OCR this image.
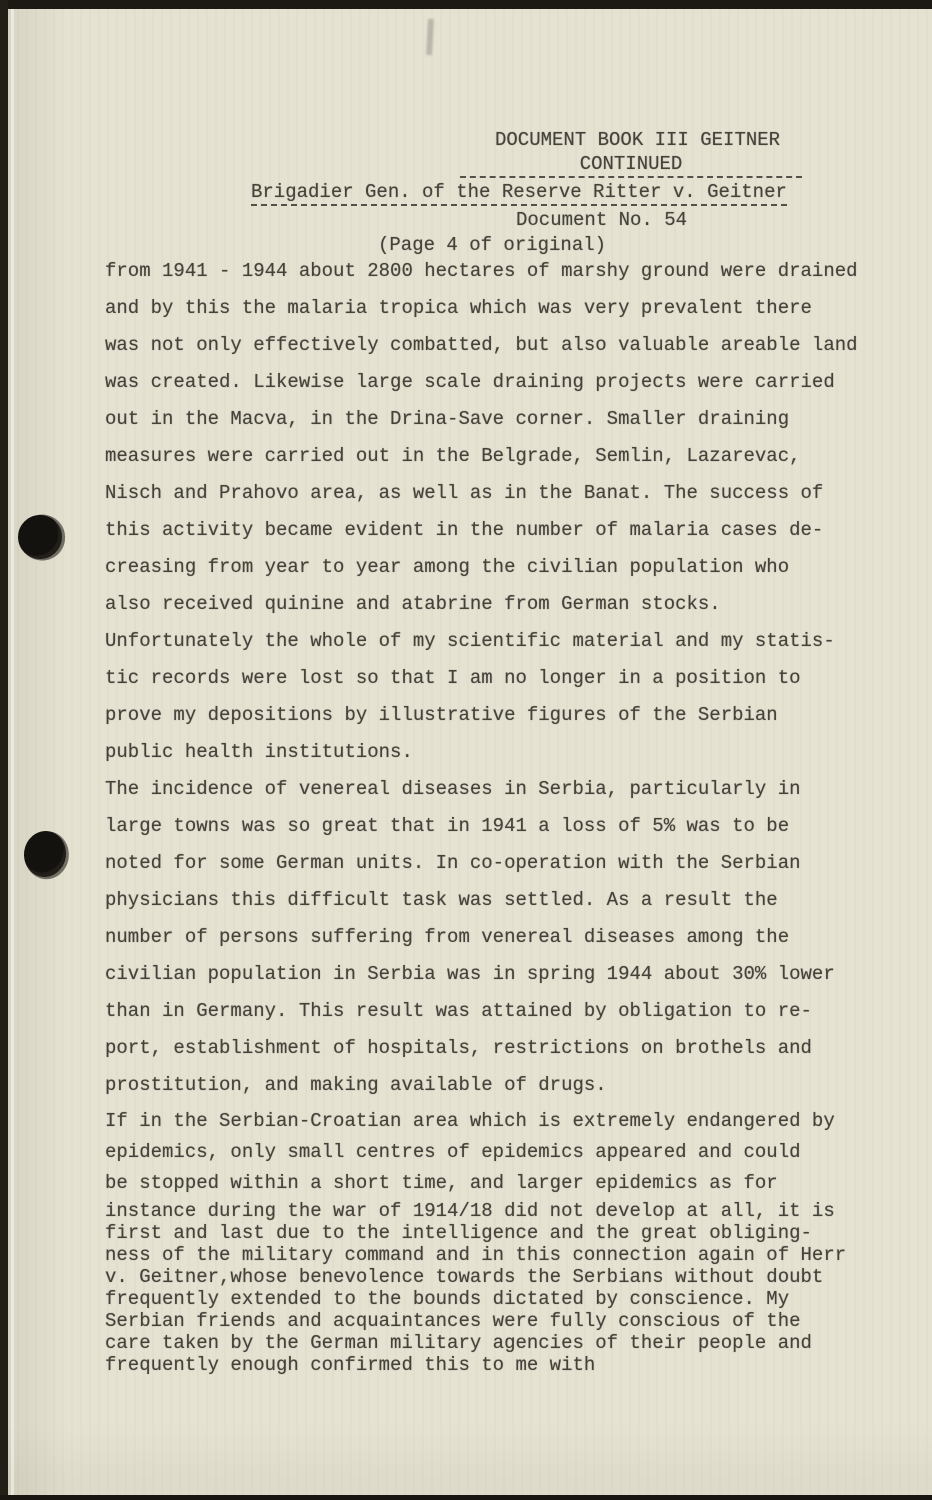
DOCUMENT BOOK III GEITNER
CONTINUED
Brigadier Gen. of the Reserve Ritter v. Geitner
Document No. 54
(Page 4 of original)
from 1941 - 1944 about 2800 hectares of marshy ground were drained
and by this the malaria tropica which was very prevalent there
was not only effectively combatted, but also valuable areable land
was created. Likewise large scale draining projects were carried
out in the Macva, in the Drina-Save corner. Smaller draining
measures were carried out in the Belgrade, Semlin, Lazarevac,
Nisch and Prahovo area, as well as in the Banat. The success of
this activity became evident in the number of malaria cases de-
creasing from year to year among the civilian population who
also received quinine and atabrine from German stocks.
Unfortunately the whole of my scientific material and my statis-
tic records were lost so that I am no longer in a position to
prove my depositions by illustrative figures of the Serbian
public health institutions.
The incidence of venereal diseases in Serbia, particularly in
large towns was so great that in 1941 a loss of 5% was to be
noted for some German units. In co-operation with the Serbian
physicians this difficult task was settled. As a result the
number of persons suffering from venereal diseases among the
civilian population in Serbia was in spring 1944 about 30% lower
than in Germany. This result was attained by obligation to re-
port, establishment of hospitals, restrictions on brothels and
prostitution, and making available of drugs.
If in the Serbian-Croatian area which is extremely endangered by
epidemics, only small centres of epidemics appeared and could
be stopped within a short time, and larger epidemics as for
instance during the war of 1914/18 did not develop at all, it is
first and last due to the intelligence and the great obliging-
ness of the military command and in this connection again of Herr
v. Geitner,whose benevolence towards the Serbians without doubt
frequently extended to the bounds dictated by conscience. My
Serbian friends and acquaintances were fully conscious of the
care taken by the German military agencies of their people and
frequently enough confirmed this to me with
